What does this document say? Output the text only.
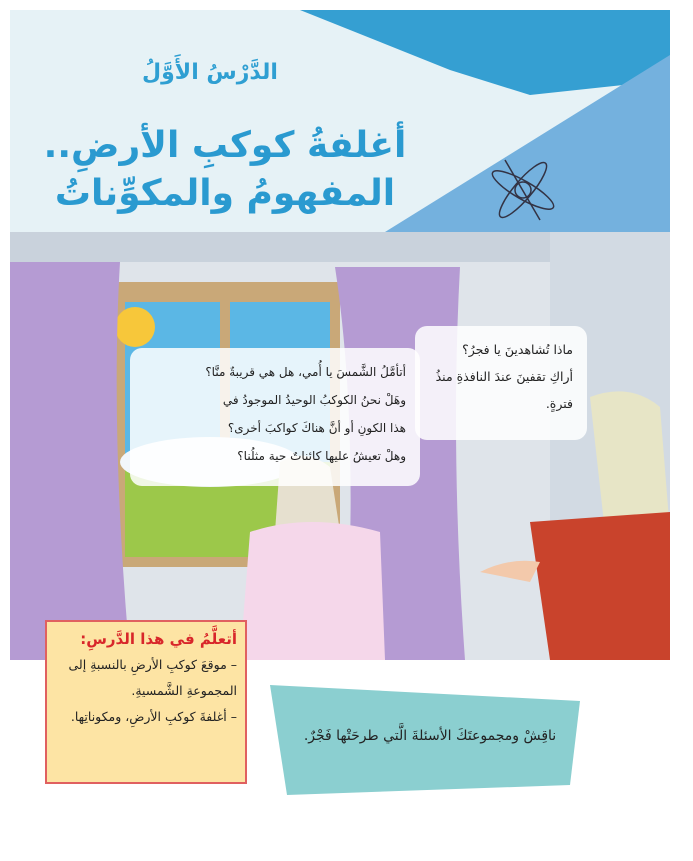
الدَّرْسُ الأَوَّلُ
أغلفةُ كوكبِ الأرضِ..
المفهومُ والمكوِّناتُ
ماذا تُشاهدينَ يا فجرُ؟
أراكِ تقفينَ عندَ النافذةِ منذُ
فترةٍ.
أتأمَّلُ الشَّمسَ يا أُمي، هل هي قريبةٌ منَّا؟
وهَلْ نحنُ الكوكبُ الوحيدُ الموجودُ في
هذا الكونِ أو أنَّ هناكَ كواكبَ أخرى؟
وهلْ تعيشُ عليها كائناتٌ حية مثلُنا؟
أتعلَّمُ في هذا الدَّرسِ:

– موقعَ كوكبِ الأرضِ بالنسبةِ إلى المجموعةِ الشَّمسيةِ.

– أغلفةَ كوكبِ الأرضِ، ومكوناتِها.

ناقِشْ ومجموعتَكَ الأسئلةَ الَّتي طرحَتْها فَجْرٌ.
